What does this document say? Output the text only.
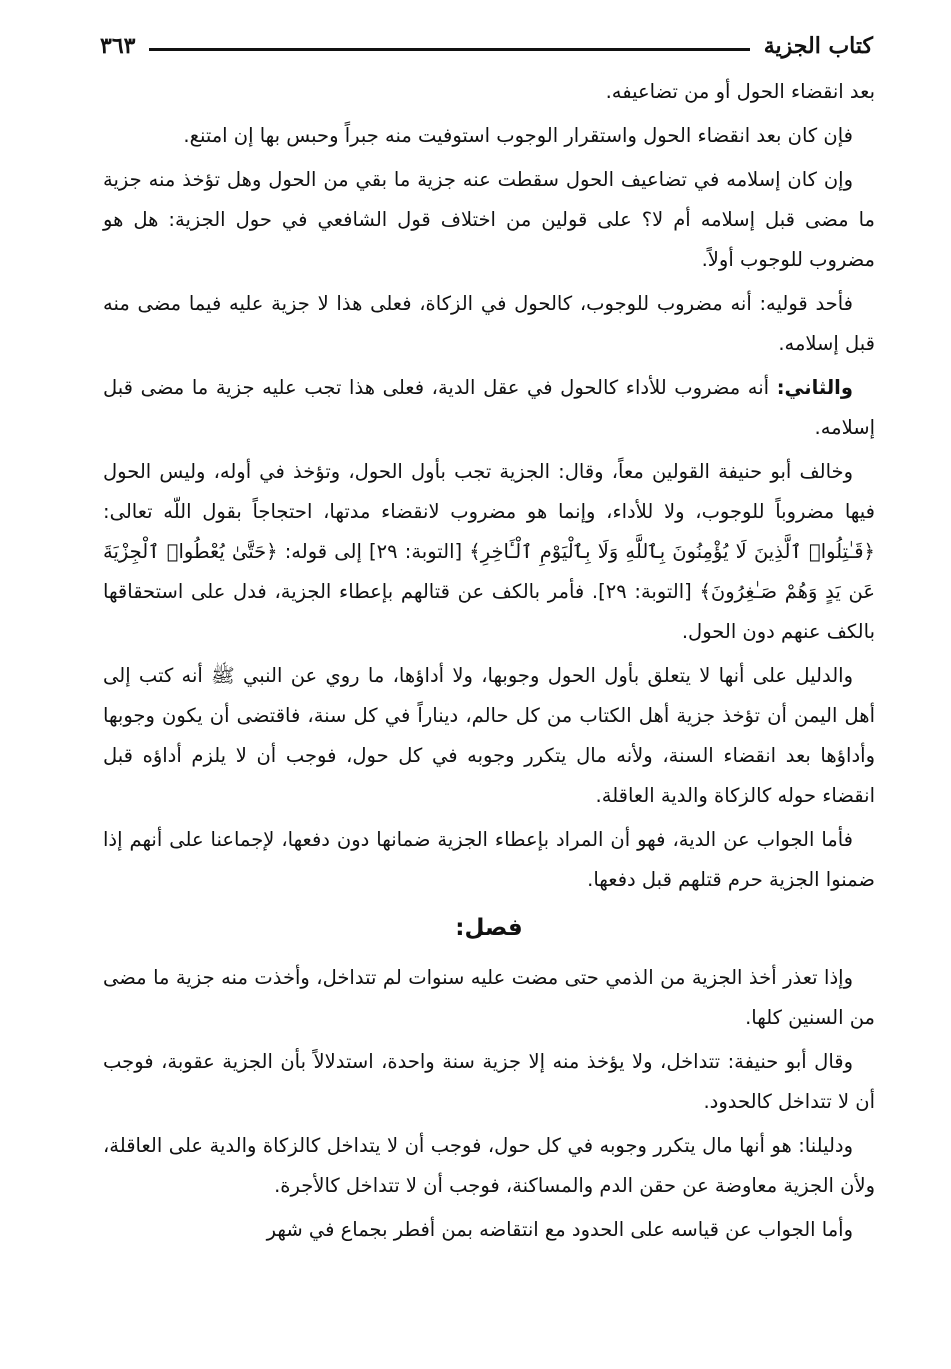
كتاب الجزية
٣٦٣

بعد انقضاء الحول أو من تضاعيفه.

فإن كان بعد انقضاء الحول واستقرار الوجوب استوفيت منه جبراً وحبس بها إن امتنع.

وإن كان إسلامه في تضاعيف الحول سقطت عنه جزية ما بقي من الحول وهل تؤخذ منه جزية ما مضى قبل إسلامه أم لا؟ على قولين من اختلاف قول الشافعي في حول الجزية: هل هو مضروب للوجوب أولاً.

فأحد قوليه: أنه مضروب للوجوب، كالحول في الزكاة، فعلى هذا لا جزية عليه فيما مضى منه قبل إسلامه.

والثاني: أنه مضروب للأداء كالحول في عقل الدية، فعلى هذا تجب عليه جزية ما مضى قبل إسلامه.

وخالف أبو حنيفة القولين معاً، وقال: الجزية تجب بأول الحول، وتؤخذ في أوله، وليس الحول فيها مضروباً للوجوب، ولا للأداء، وإنما هو مضروب لانقضاء مدتها، احتجاجاً بقول اللّه تعالى: ﴿قَـٰتِلُوا۟ ٱلَّذِينَ لَا يُؤْمِنُونَ بِٱللَّهِ وَلَا بِٱلْيَوْمِ ٱلْـَٔاخِرِ﴾ [التوبة: ٢٩] إلى قوله: ﴿حَتَّىٰ يُعْطُوا۟ ٱلْجِزْيَةَ عَن يَدٍ وَهُمْ صَـٰغِرُونَ﴾ [التوبة: ٢٩]. فأمر بالكف عن قتالهم بإعطاء الجزية، فدل على استحقاقها بالكف عنهم دون الحول.

والدليل على أنها لا يتعلق بأول الحول وجوبها، ولا أداؤها، ما روي عن النبي ﷺ أنه كتب إلى أهل اليمن أن تؤخذ جزية أهل الكتاب من كل حالم، ديناراً في كل سنة، فاقتضى أن يكون وجوبها وأداؤها بعد انقضاء السنة، ولأنه مال يتكرر وجوبه في كل حول، فوجب أن لا يلزم أداؤه قبل انقضاء حوله كالزكاة والدية العاقلة.

فأما الجواب عن الدية، فهو أن المراد بإعطاء الجزية ضمانها دون دفعها، لإجماعنا على أنهم إذا ضمنوا الجزية حرم قتلهم قبل دفعها.

فصل:

وإذا تعذر أخذ الجزية من الذمي حتى مضت عليه سنوات لم تتداخل، وأخذت منه جزية ما مضى من السنين كلها.

وقال أبو حنيفة: تتداخل، ولا يؤخذ منه إلا جزية سنة واحدة، استدلالاً بأن الجزية عقوبة، فوجب أن لا تتداخل كالحدود.

ودليلنا: هو أنها مال يتكرر وجوبه في كل حول، فوجب أن لا يتداخل كالزكاة والدية على العاقلة، ولأن الجزية معاوضة عن حقن الدم والمساكنة، فوجب أن لا تتداخل كالأجرة.

وأما الجواب عن قياسه على الحدود مع انتقاضه بمن أفطر بجماع في شهر
